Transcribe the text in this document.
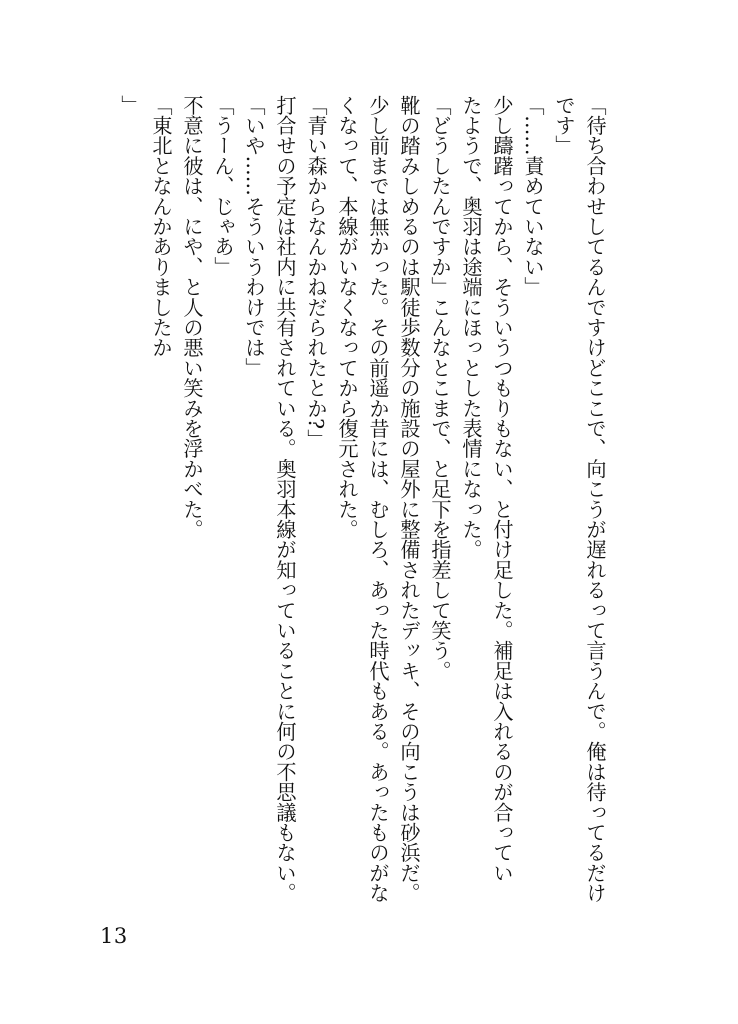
「待ち合わせしてるんですけどここで、向こうが遅れるって言うんで。俺は待ってるだけ
です」
「……責めていない」
少し躊躇ってから、そういうつもりもない、と付け足した。補足は入れるのが合ってい
たようで、奥羽は途端にほっとした表情になった。
「どうしたんですか」こんなとこまで、と足下を指差して笑う。
靴の踏みしめるのは駅徒歩数分の施設の屋外に整備されたデッキ、その向こうは砂浜だ。
少し前までは無かった。その前遥か昔には、むしろ、あった時代もある。あったものがな
くなって、本線がいなくなってから復元された。
「青い森からなんかねだられたとか?」
打合せの予定は社内に共有されている。奥羽本線が知っていることに何の不思議もない。
「いや……そういうわけでは」
「うーん、じゃあ」
不意に彼は、にや、と人の悪い笑みを浮かべた。
「東北となんかありましたか
」
13
